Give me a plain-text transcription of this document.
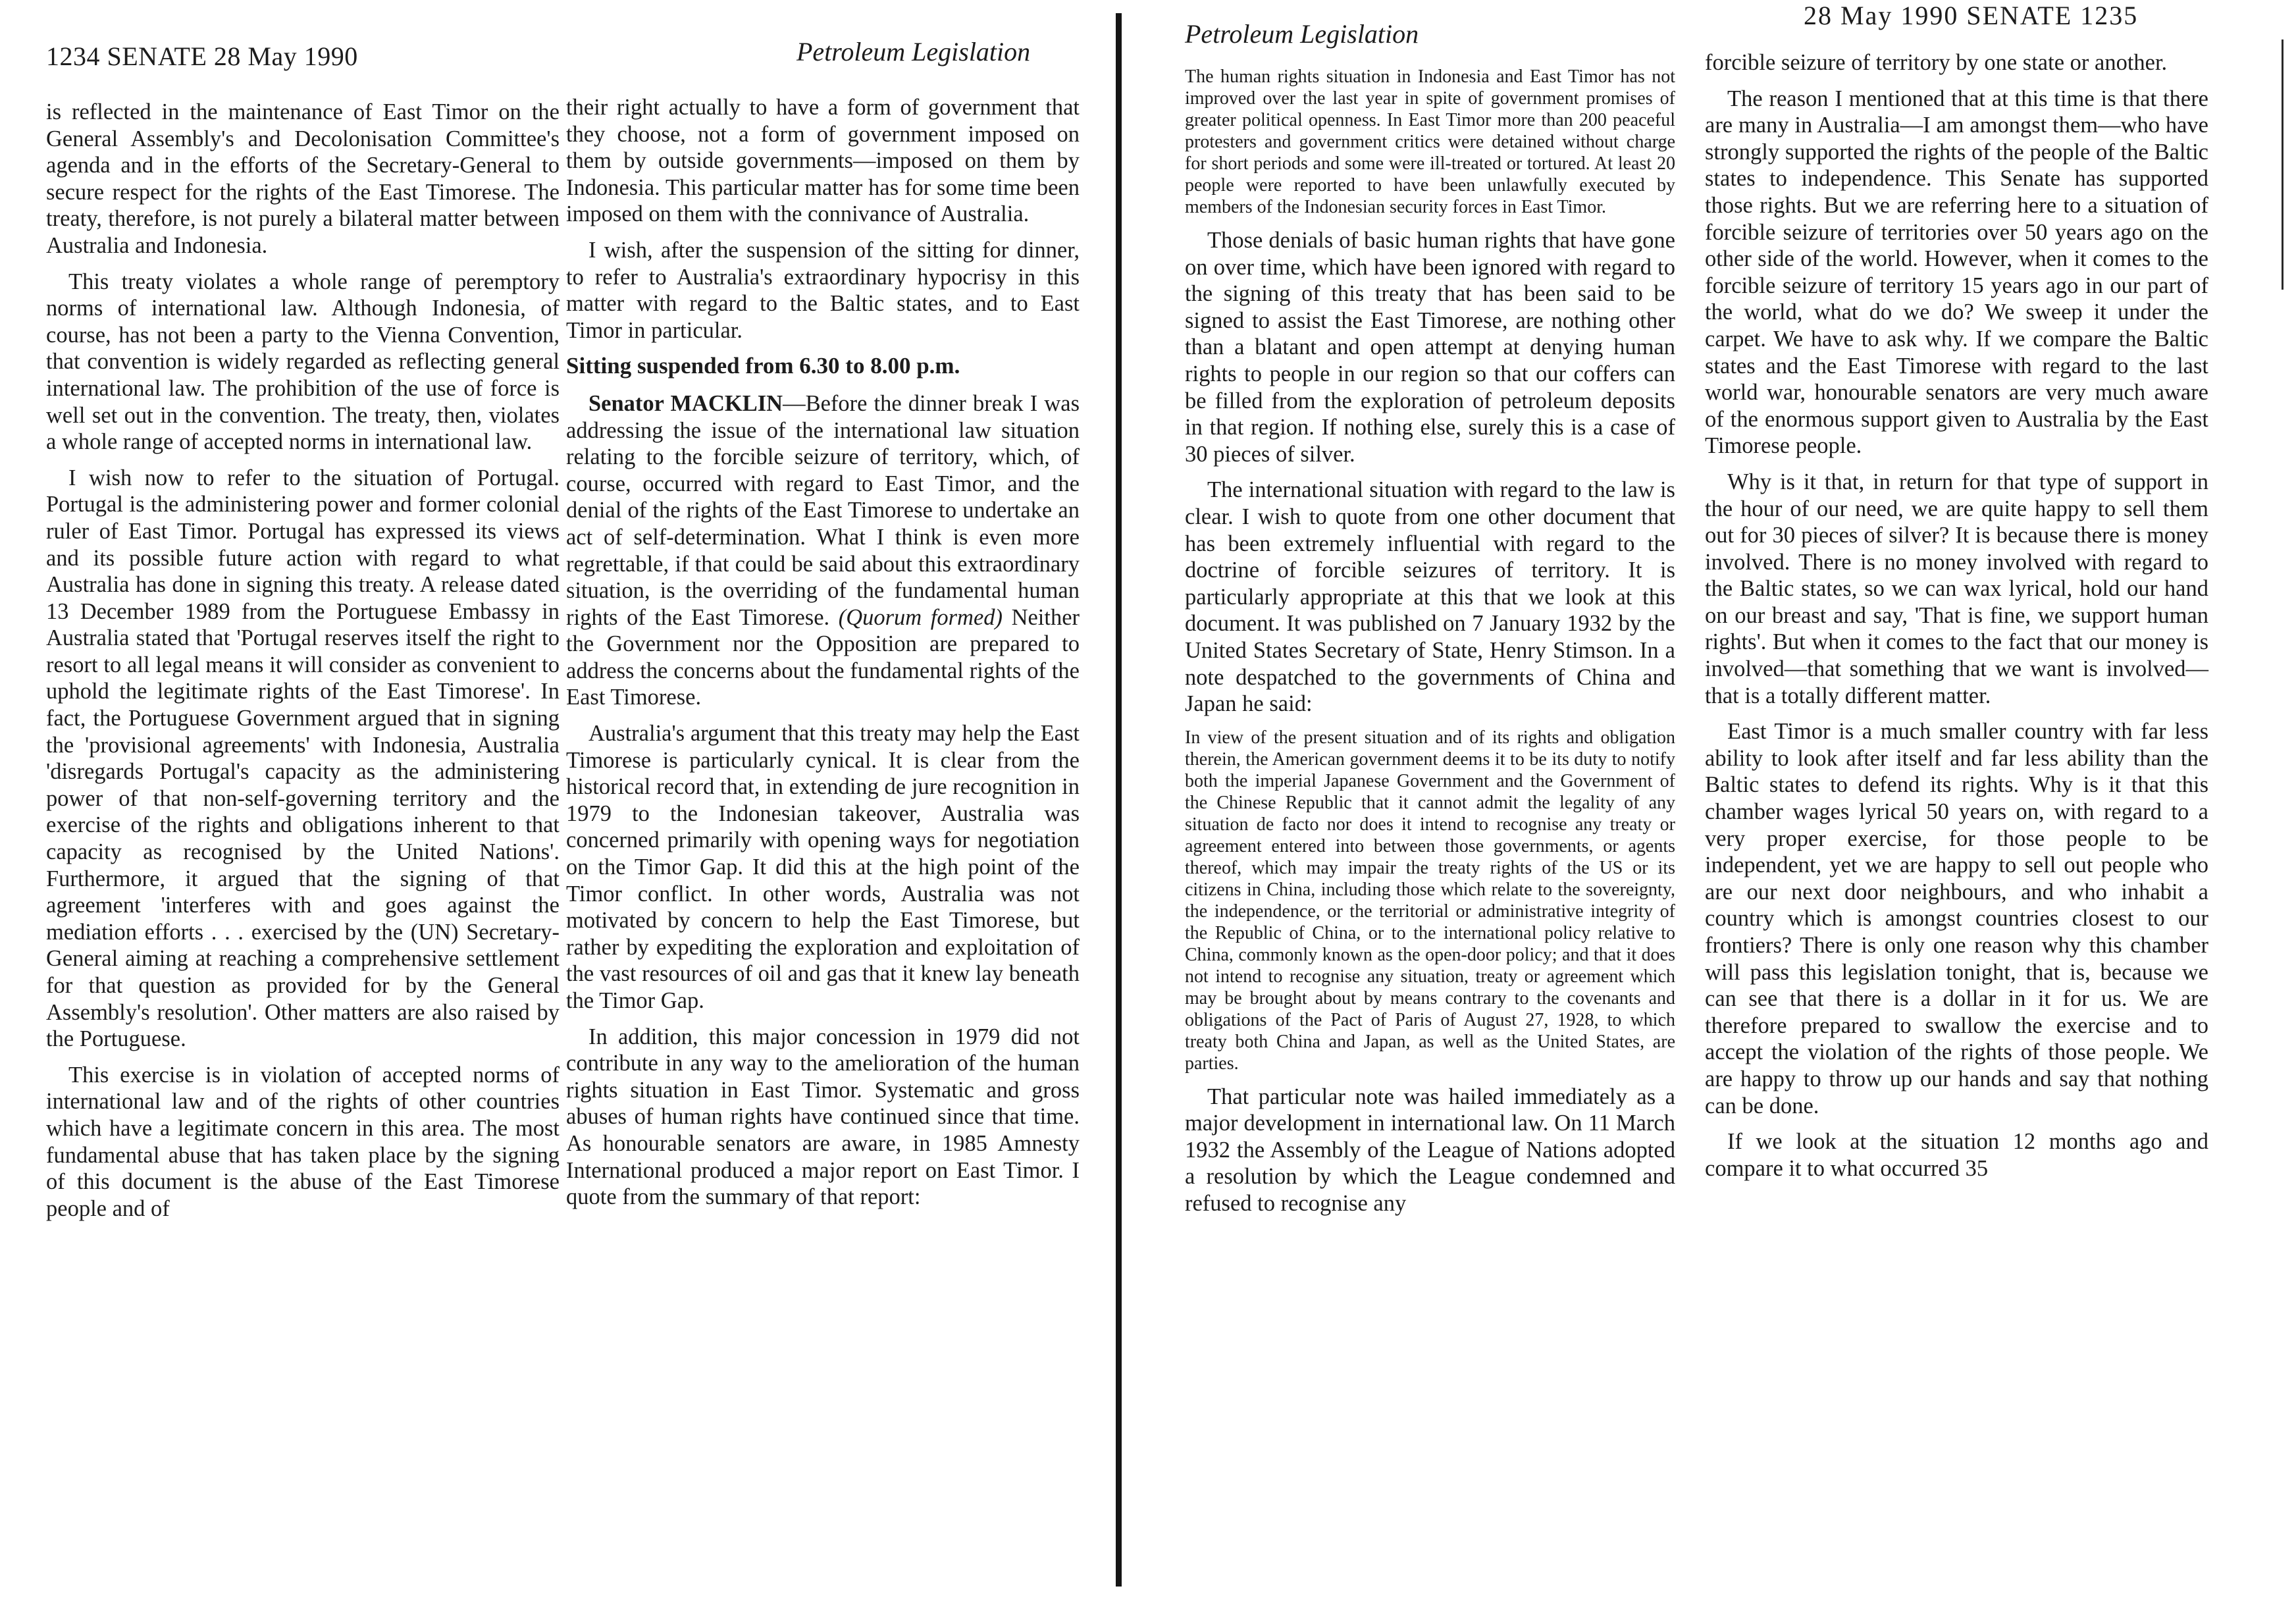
1234 SENATE 28 May 1990	Petroleum Legislation

is reflected in the maintenance of East Timor on the General Assembly's and Decolonisation Committee's agenda and in the efforts of the Secretary-General to secure respect for the rights of the East Timorese. The treaty, therefore, is not purely a bilateral matter between Australia and Indonesia.

This treaty violates a whole range of peremptory norms of international law. Although Indonesia, of course, has not been a party to the Vienna Convention, that convention is widely regarded as reflecting general international law. The prohibition of the use of force is well set out in the convention. The treaty, then, violates a whole range of accepted norms in international law.

I wish now to refer to the situation of Portugal. Portugal is the administering power and former colonial ruler of East Timor. Portugal has expressed its views and its possible future action with regard to what Australia has done in signing this treaty. A release dated 13 December 1989 from the Portuguese Embassy in Australia stated that 'Portugal reserves itself the right to resort to all legal means it will consider as convenient to uphold the legitimate rights of the East Timorese'. In fact, the Portuguese Government argued that in signing the 'provisional agreements' with Indonesia, Australia 'disregards Portugal's capacity as the administering power of that non-self-governing territory and the exercise of the rights and obligations inherent to that capacity as recognised by the United Nations'. Furthermore, it argued that the signing of that agreement 'interferes with and goes against the mediation efforts . . . exercised by the (UN) Secretary-General aiming at reaching a comprehensive settlement for that question as provided for by the General Assembly's resolution'. Other matters are also raised by the Portuguese.

This exercise is in violation of accepted norms of international law and of the rights of other countries which have a legitimate concern in this area. The most fundamental abuse that has taken place by the signing of this document is the abuse of the East Timorese people and of

their right actually to have a form of government that they choose, not a form of government imposed on them by outside governments—imposed on them by Indonesia. This particular matter has for some time been imposed on them with the connivance of Australia.

I wish, after the suspension of the sitting for dinner, to refer to Australia's extraordinary hypocrisy in this matter with regard to the Baltic states, and to East Timor in particular.

Sitting suspended from 6.30 to 8.00 p.m.

Senator MACKLIN—Before the dinner break I was addressing the issue of the international law situation relating to the forcible seizure of territory, which, of course, occurred with regard to East Timor, and the denial of the rights of the East Timorese to undertake an act of self-determination. What I think is even more regrettable, if that could be said about this extraordinary situation, is the overriding of the fundamental human rights of the East Timorese. (Quorum formed) Neither the Government nor the Opposition are prepared to address the concerns about the fundamental rights of the East Timorese.

Australia's argument that this treaty may help the East Timorese is particularly cynical. It is clear from the historical record that, in extending de jure recognition in 1979 to the Indonesian takeover, Australia was concerned primarily with opening ways for negotiation on the Timor Gap. It did this at the high point of the Timor conflict. In other words, Australia was not motivated by concern to help the East Timorese, but rather by expediting the exploration and exploitation of the vast resources of oil and gas that it knew lay beneath the Timor Gap.

In addition, this major concession in 1979 did not contribute in any way to the amelioration of the human rights situation in East Timor. Systematic and gross abuses of human rights have continued since that time. As honourable senators are aware, in 1985 Amnesty International produced a major report on East Timor. I quote from the summary of that report:

Petroleum Legislation
28 May 1990 SENATE 1235

The human rights situation in Indonesia and East Timor has not improved over the last year in spite of government promises of greater political openness. In East Timor more than 200 peaceful protesters and government critics were detained without charge for short periods and some were ill-treated or tortured. At least 20 people were reported to have been unlawfully executed by members of the Indonesian security forces in East Timor.

Those denials of basic human rights that have gone on over time, which have been ignored with regard to the signing of this treaty that has been said to be signed to assist the East Timorese, are nothing other than a blatant and open attempt at denying human rights to people in our region so that our coffers can be filled from the exploration of petroleum deposits in that region. If nothing else, surely this is a case of 30 pieces of silver.

The international situation with regard to the law is clear. I wish to quote from one other document that has been extremely influential with regard to the doctrine of forcible seizures of territory. It is particularly appropriate at this that we look at this document. It was published on 7 January 1932 by the United States Secretary of State, Henry Stimson. In a note despatched to the governments of China and Japan he said:

In view of the present situation and of its rights and obligation therein, the American government deems it to be its duty to notify both the imperial Japanese Government and the Government of the Chinese Republic that it cannot admit the legality of any situation de facto nor does it intend to recognise any treaty or agreement entered into between those governments, or agents thereof, which may impair the treaty rights of the US or its citizens in China, including those which relate to the sovereignty, the independence, or the territorial or administrative integrity of the Republic of China, or to the international policy relative to China, commonly known as the open-door policy; and that it does not intend to recognise any situation, treaty or agreement which may be brought about by means contrary to the covenants and obligations of the Pact of Paris of August 27, 1928, to which treaty both China and Japan, as well as the United States, are parties.

That particular note was hailed immediately as a major development in international law. On 11 March 1932 the Assembly of the League of Nations adopted a resolution by which the League condemned and refused to recognise any

forcible seizure of territory by one state or another.

The reason I mentioned that at this time is that there are many in Australia—I am amongst them—who have strongly supported the rights of the people of the Baltic states to independence. This Senate has supported those rights. But we are referring here to a situation of forcible seizure of territories over 50 years ago on the other side of the world. However, when it comes to the forcible seizure of territory 15 years ago in our part of the world, what do we do? We sweep it under the carpet. We have to ask why. If we compare the Baltic states and the East Timorese with regard to the last world war, honourable senators are very much aware of the enormous support given to Australia by the East Timorese people.

Why is it that, in return for that type of support in the hour of our need, we are quite happy to sell them out for 30 pieces of silver? It is because there is money involved. There is no money involved with regard to the Baltic states, so we can wax lyrical, hold our hand on our breast and say, 'That is fine, we support human rights'. But when it comes to the fact that our money is involved—that something that we want is involved—that is a totally different matter.

East Timor is a much smaller country with far less ability to look after itself and far less ability than the Baltic states to defend its rights. Why is it that this chamber wages lyrical 50 years on, with regard to a very proper exercise, for those people to be independent, yet we are happy to sell out people who are our next door neighbours, and who inhabit a country which is amongst countries closest to our frontiers? There is only one reason why this chamber will pass this legislation tonight, that is, because we can see that there is a dollar in it for us. We are therefore prepared to swallow the exercise and to accept the violation of the rights of those people. We are happy to throw up our hands and say that nothing can be done.

If we look at the situation 12 months ago and compare it to what occurred 35
